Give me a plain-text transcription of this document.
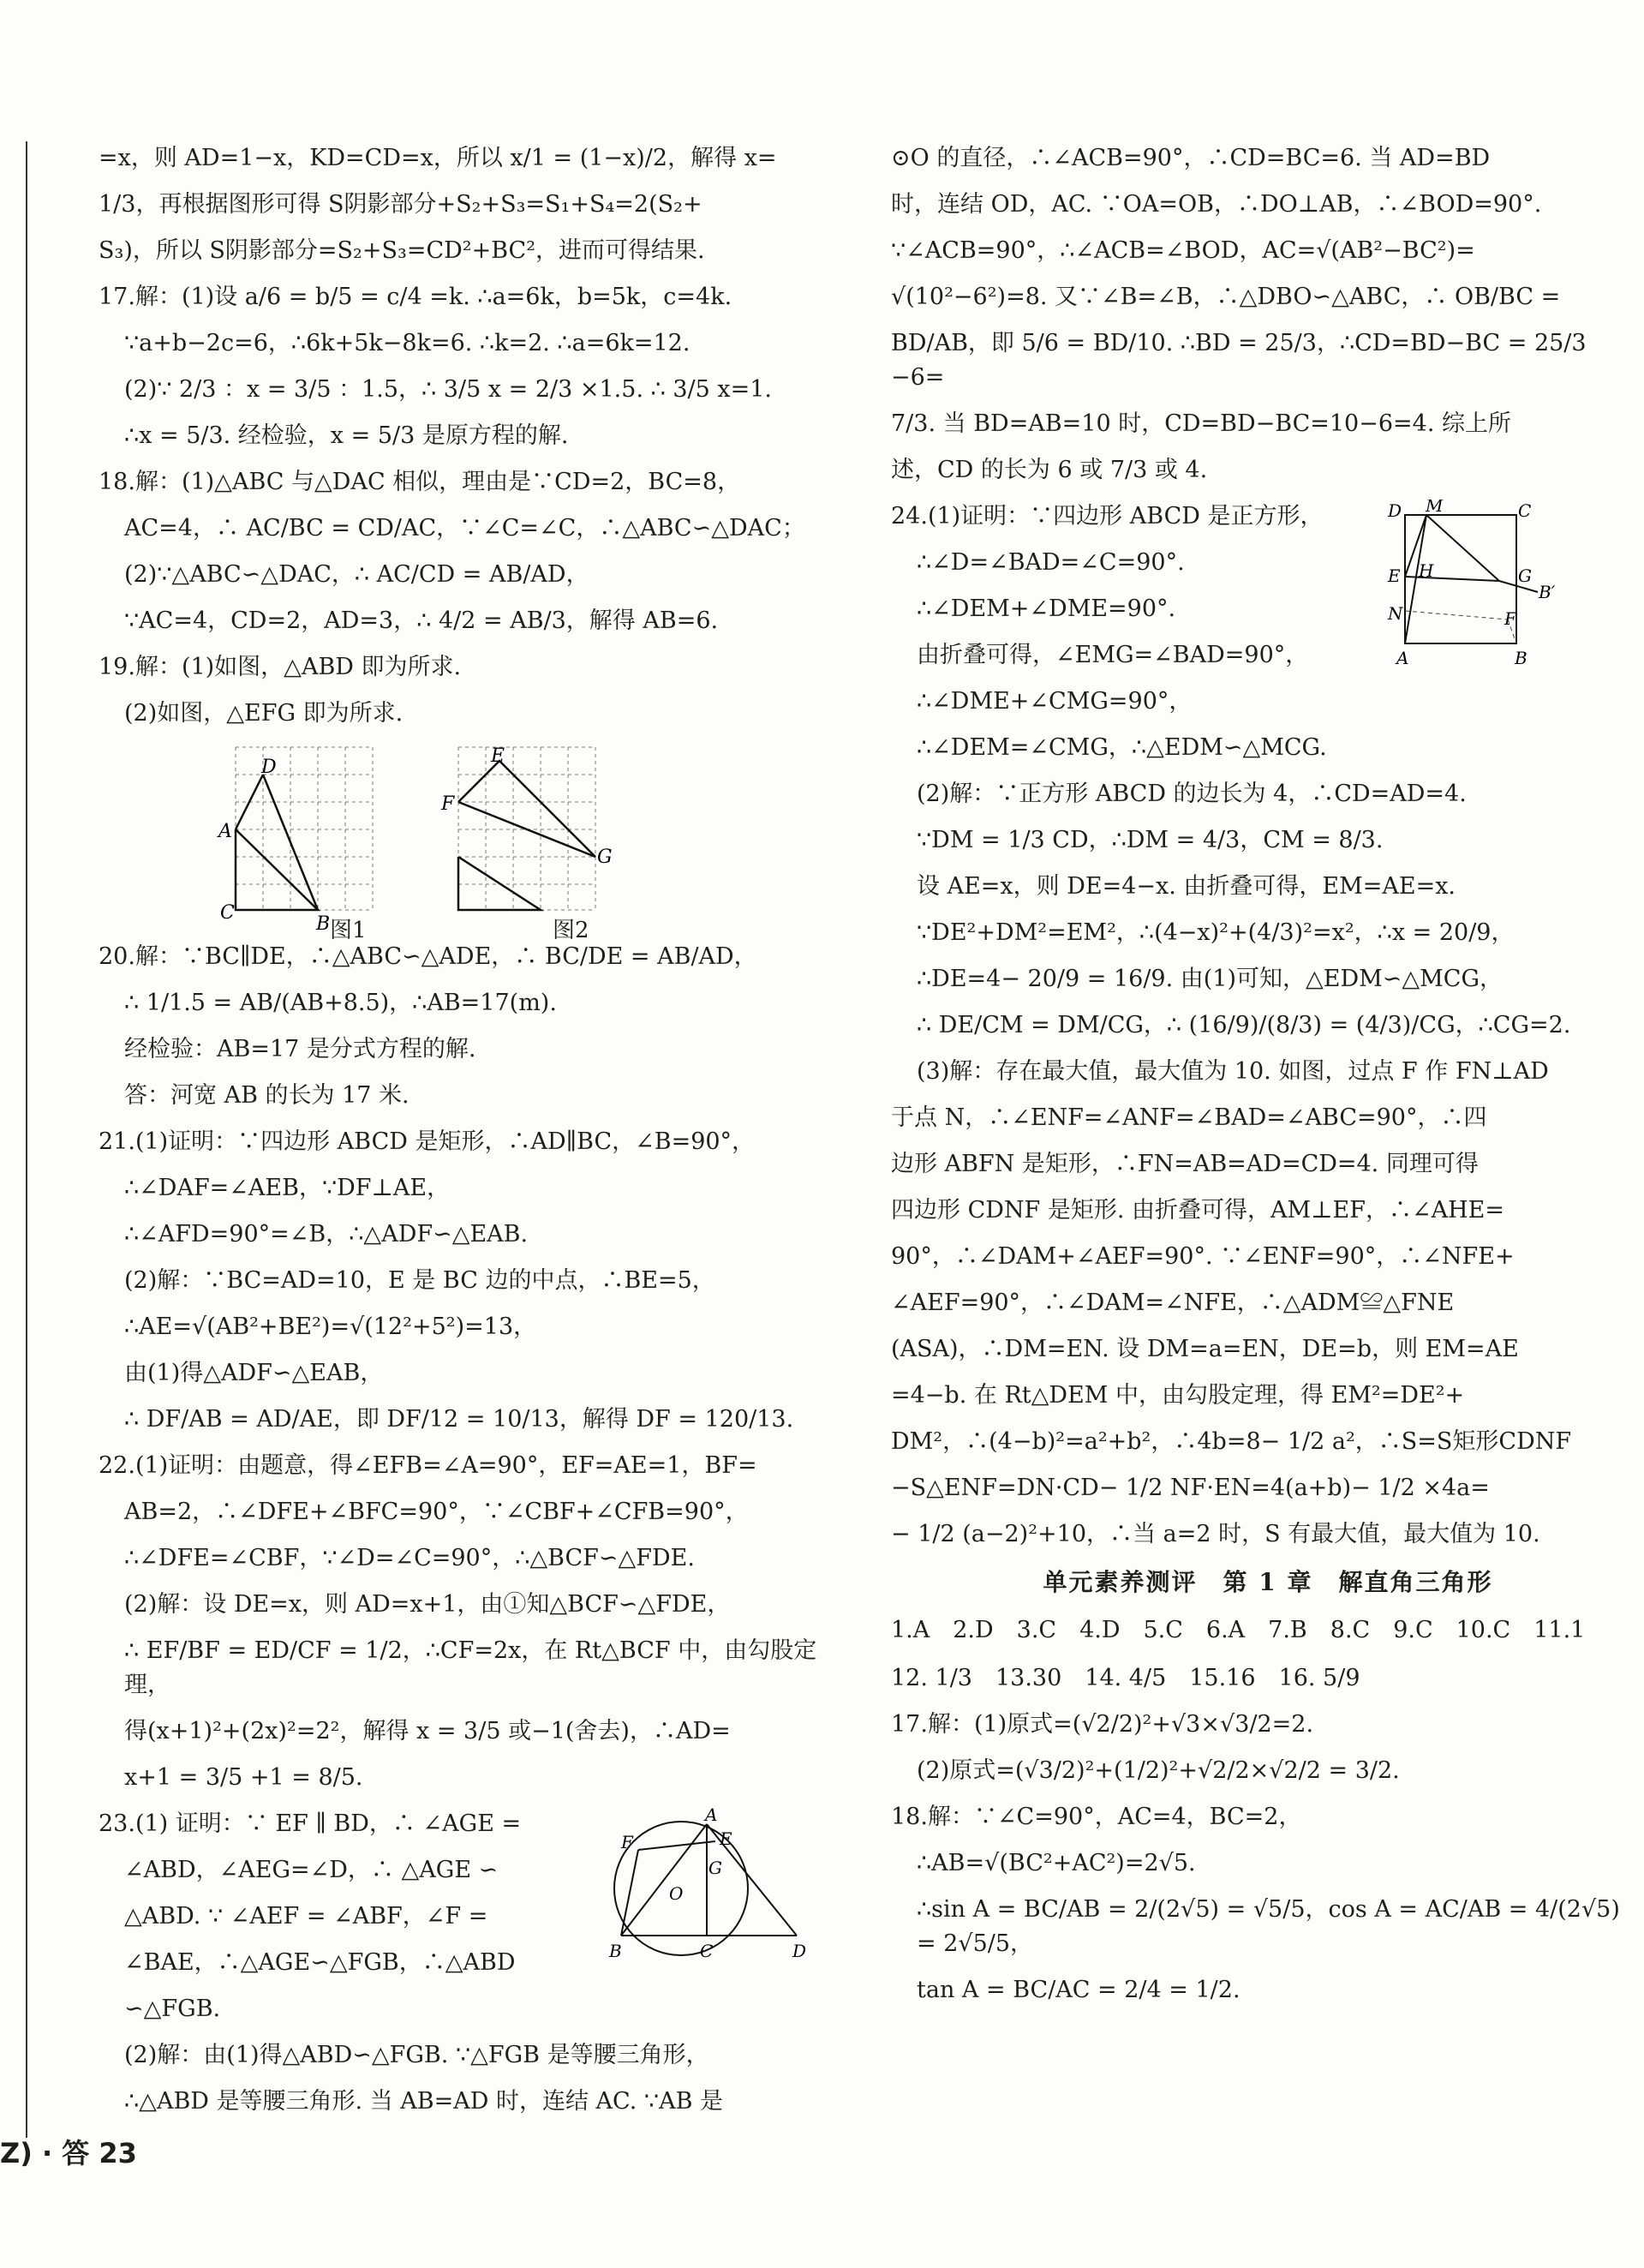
=x，则 AD=1−x，KD=CD=x，所以 x/1 = (1−x)/2，解得 x=
1/3，再根据图形可得 S阴影部分+S₂+S₃=S₁+S₄=2(S₂+
S₃)，所以 S阴影部分=S₂+S₃=CD²+BC²，进而可得结果.
17.解：(1)设 a/6 = b/5 = c/4 =k. ∴a=6k，b=5k，c=4k.
∵a+b−2c=6，∴6k+5k−8k=6. ∴k=2. ∴a=6k=12.
(2)∵ 2/3 ：x = 3/5 ：1.5，∴ 3/5 x = 2/3 ×1.5. ∴ 3/5 x=1.
∴x = 5/3. 经检验，x = 5/3 是原方程的解.
18.解：(1)△ABC 与△DAC 相似，理由是∵CD=2，BC=8，
AC=4，∴ AC/BC = CD/AC，∵∠C=∠C，∴△ABC∽△DAC；
(2)∵△ABC∽△DAC，∴ AC/CD = AB/AD，
∵AC=4，CD=2，AD=3，∴ 4/2 = AB/3，解得 AB=6.
19.解：(1)如图，△ABD 即为所求.
(2)如图，△EFG 即为所求.
C
B
D
A
F
E
G
图1	图2
20.解：∵BC∥DE，∴△ABC∽△ADE，∴ BC/DE = AB/AD，
∴ 1/1.5 = AB/(AB+8.5)，∴AB=17(m).
经检验：AB=17 是分式方程的解.
答：河宽 AB 的长为 17 米.
21.(1)证明：∵四边形 ABCD 是矩形，∴AD∥BC，∠B=90°，
∴∠DAF=∠AEB，∵DF⊥AE，
∴∠AFD=90°=∠B，∴△ADF∽△EAB.
(2)解：∵BC=AD=10，E 是 BC 边的中点，∴BE=5，
∴AE=√(AB²+BE²)=√(12²+5²)=13，
由(1)得△ADF∽△EAB，
∴ DF/AB = AD/AE，即 DF/12 = 10/13，解得 DF = 120/13.
22.(1)证明：由题意，得∠EFB=∠A=90°，EF=AE=1，BF=
AB=2，∴∠DFE+∠BFC=90°，∵∠CBF+∠CFB=90°，
∴∠DFE=∠CBF，∵∠D=∠C=90°，∴△BCF∽△FDE.
(2)解：设 DE=x，则 AD=x+1，由①知△BCF∽△FDE，
∴ EF/BF = ED/CF = 1/2，∴CF=2x，在 Rt△BCF 中，由勾股定理，
得(x+1)²+(2x)²=2²，解得 x = 3/5 或−1(舍去)，∴AD=
x+1 = 3/5 +1 = 8/5.
23.(1) 证明：∵ EF ∥ BD，∴ ∠AGE =
∠ABD，∠AEG=∠D，∴ △AGE ∽
△ABD. ∵ ∠AEF = ∠ABF，∠F =
∠BAE，∴△AGE∽△FGB，∴△ABD
∽△FGB.
B	C	D
A
E
G
O
F
(2)解：由(1)得△ABD∽△FGB. ∵△FGB 是等腰三角形，
∴△ABD 是等腰三角形. 当 AB=AD 时，连结 AC. ∵AB 是
⊙O 的直径，∴∠ACB=90°，∴CD=BC=6. 当 AD=BD
时，连结 OD，AC. ∵OA=OB，∴DO⊥AB，∴∠BOD=90°.
∵∠ACB=90°，∴∠ACB=∠BOD，AC=√(AB²−BC²)=
√(10²−6²)=8. 又∵∠B=∠B，∴△DBO∽△ABC，∴ OB/BC =
BD/AB，即 5/6 = BD/10. ∴BD = 25/3，∴CD=BD−BC = 25/3 −6=
7/3. 当 BD=AB=10 时，CD=BD−BC=10−6=4. 综上所
述，CD 的长为 6 或 7/3 或 4.
24.(1)证明：∵四边形 ABCD 是正方形，
∴∠D=∠BAD=∠C=90°.
∴∠DEM+∠DME=90°.
由折叠可得，∠EMG=∠BAD=90°，
∴∠DME+∠CMG=90°，
∴∠DEM=∠CMG，∴△EDM∽△MCG.
D M	C
E H	G
B′
N	F
B
A
(2)解：∵正方形 ABCD 的边长为 4，∴CD=AD=4.
∵DM = 1/3 CD，∴DM = 4/3，CM = 8/3.
设 AE=x，则 DE=4−x. 由折叠可得，EM=AE=x.
∵DE²+DM²=EM²，∴(4−x)²+(4/3)²=x²，∴x = 20/9，
∴DE=4− 20/9 = 16/9. 由(1)可知，△EDM∽△MCG，
∴ DE/CM = DM/CG，∴ (16/9)/(8/3) = (4/3)/CG，∴CG=2.
(3)解：存在最大值，最大值为 10. 如图，过点 F 作 FN⊥AD
于点 N，∴∠ENF=∠ANF=∠BAD=∠ABC=90°，∴四
边形 ABFN 是矩形，∴FN=AB=AD=CD=4. 同理可得
四边形 CDNF 是矩形. 由折叠可得，AM⊥EF，∴∠AHE=
90°，∴∠DAM+∠AEF=90°. ∵∠ENF=90°，∴∠NFE+
∠AEF=90°，∴∠DAM=∠NFE，∴△ADM≌△FNE
(ASA)，∴DM=EN. 设 DM=a=EN，DE=b，则 EM=AE
=4−b. 在 Rt△DEM 中，由勾股定理，得 EM²=DE²+
DM²，∴(4−b)²=a²+b²，∴4b=8− 1/2 a²，∴S=S矩形CDNF
−S△ENF=DN·CD− 1/2 NF·EN=4(a+b)− 1/2 ×4a=
− 1/2 (a−2)²+10，∴当 a=2 时，S 有最大值，最大值为 10.
单元素养测评　第 1 章　解直角三角形
1.A　2.D　3.C　4.D　5.C　6.A　7.B　8.C　9.C　10.C　11.1
12. 1/3　13.30　14. 4/5　15.16　16. 5/9
17.解：(1)原式=(√2/2)²+√3×√3/2=2.
(2)原式=(√3/2)²+(1/2)²+√2/2×√2/2 = 3/2.
18.解：∵∠C=90°，AC=4，BC=2，
∴AB=√(BC²+AC²)=2√5.
∴sin A = BC/AB = 2/(2√5) = √5/5，cos A = AC/AB = 4/(2√5) = 2√5/5，
tan A = BC/AC = 2/4 = 1/2.
Z) · 答 23
